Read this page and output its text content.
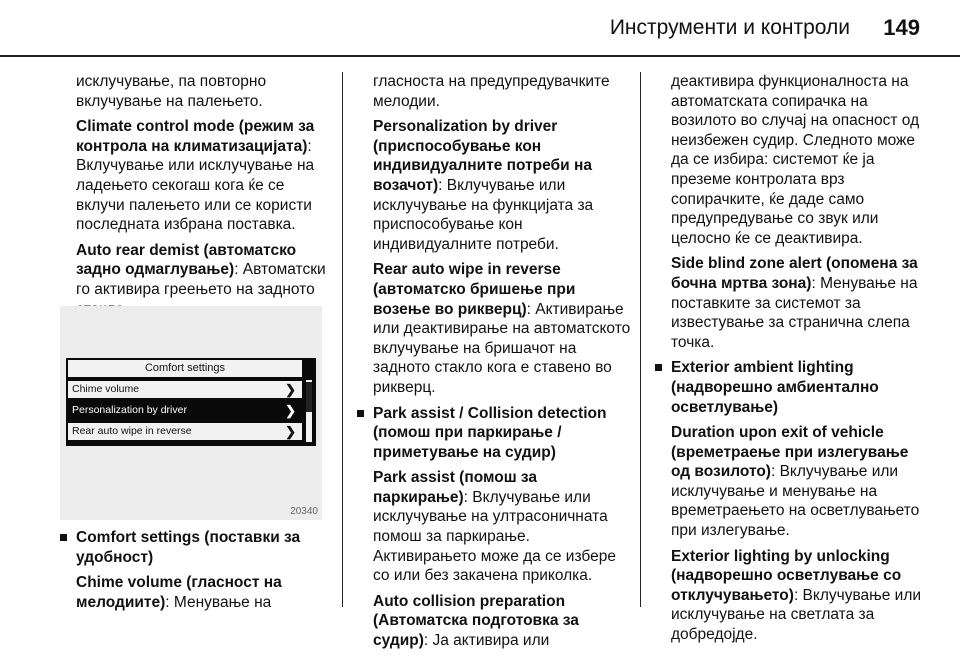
Инструменти и контроли 149

исклучување, па повторно вклучување на палењето.

Climate control mode (режим за контрола на климатизацијата): Вклучување или исклучување на ладењето секогаш кога ќе се вклучи палењето или се користи последната избрана поставка.

Auto rear demist (автоматско задно одмаглување): Автоматски го активира греењето на задното

Comfort settings
Chime volume	❯
Personalization by driver	❯
Rear auto wipe in reverse	❯
20340

Comfort settings (поставки за удобност)

Chime volume (гласност на мелодиите): Менување на

гласноста на предупредувачките мелодии.

Personalization by driver (приспособување кон индивидуалните потреби на возачот): Вклучување или исклучување на функцијата за приспособување кон индивидуалните потреби.

Rear auto wipe in reverse (автоматско бришење при возење во рикверц): Активирање или деактивирање на автоматското вклучување на бришачот на задното стакло кога е ставено во рикверц.

Park assist / Collision detection (помош при паркирање / приметување на судир)

Park assist (помош за паркирање): Вклучување или исклучување на ултрасоничната помош за паркирање. Активирањето може да се избере со или без закачена приколка.

Auto collision preparation (Автоматска подготовка за судир): Ја активира или

деактивира функционалноста на автоматската сопирачка на возилото во случај на опасност од неизбежен судир. Следното може да се избира: системот ќе ја преземе контролата врз сопирачките, ќе даде само предупредување со звук или целосно ќе се деактивира.

Side blind zone alert (опомена за бочна мртва зона): Менување на поставките за системот за известување за странична слепа точка.

Exterior ambient lighting (надворешно амбиентално осветлување)

Duration upon exit of vehicle (времетраење при излегување од возилото): Вклучување или исклучување и менување на времетраењето на осветлувањето при излегување.

Exterior lighting by unlocking (надворешно осветлување со отклучувањето): Вклучување или исклучување на светлата за добредојде.
